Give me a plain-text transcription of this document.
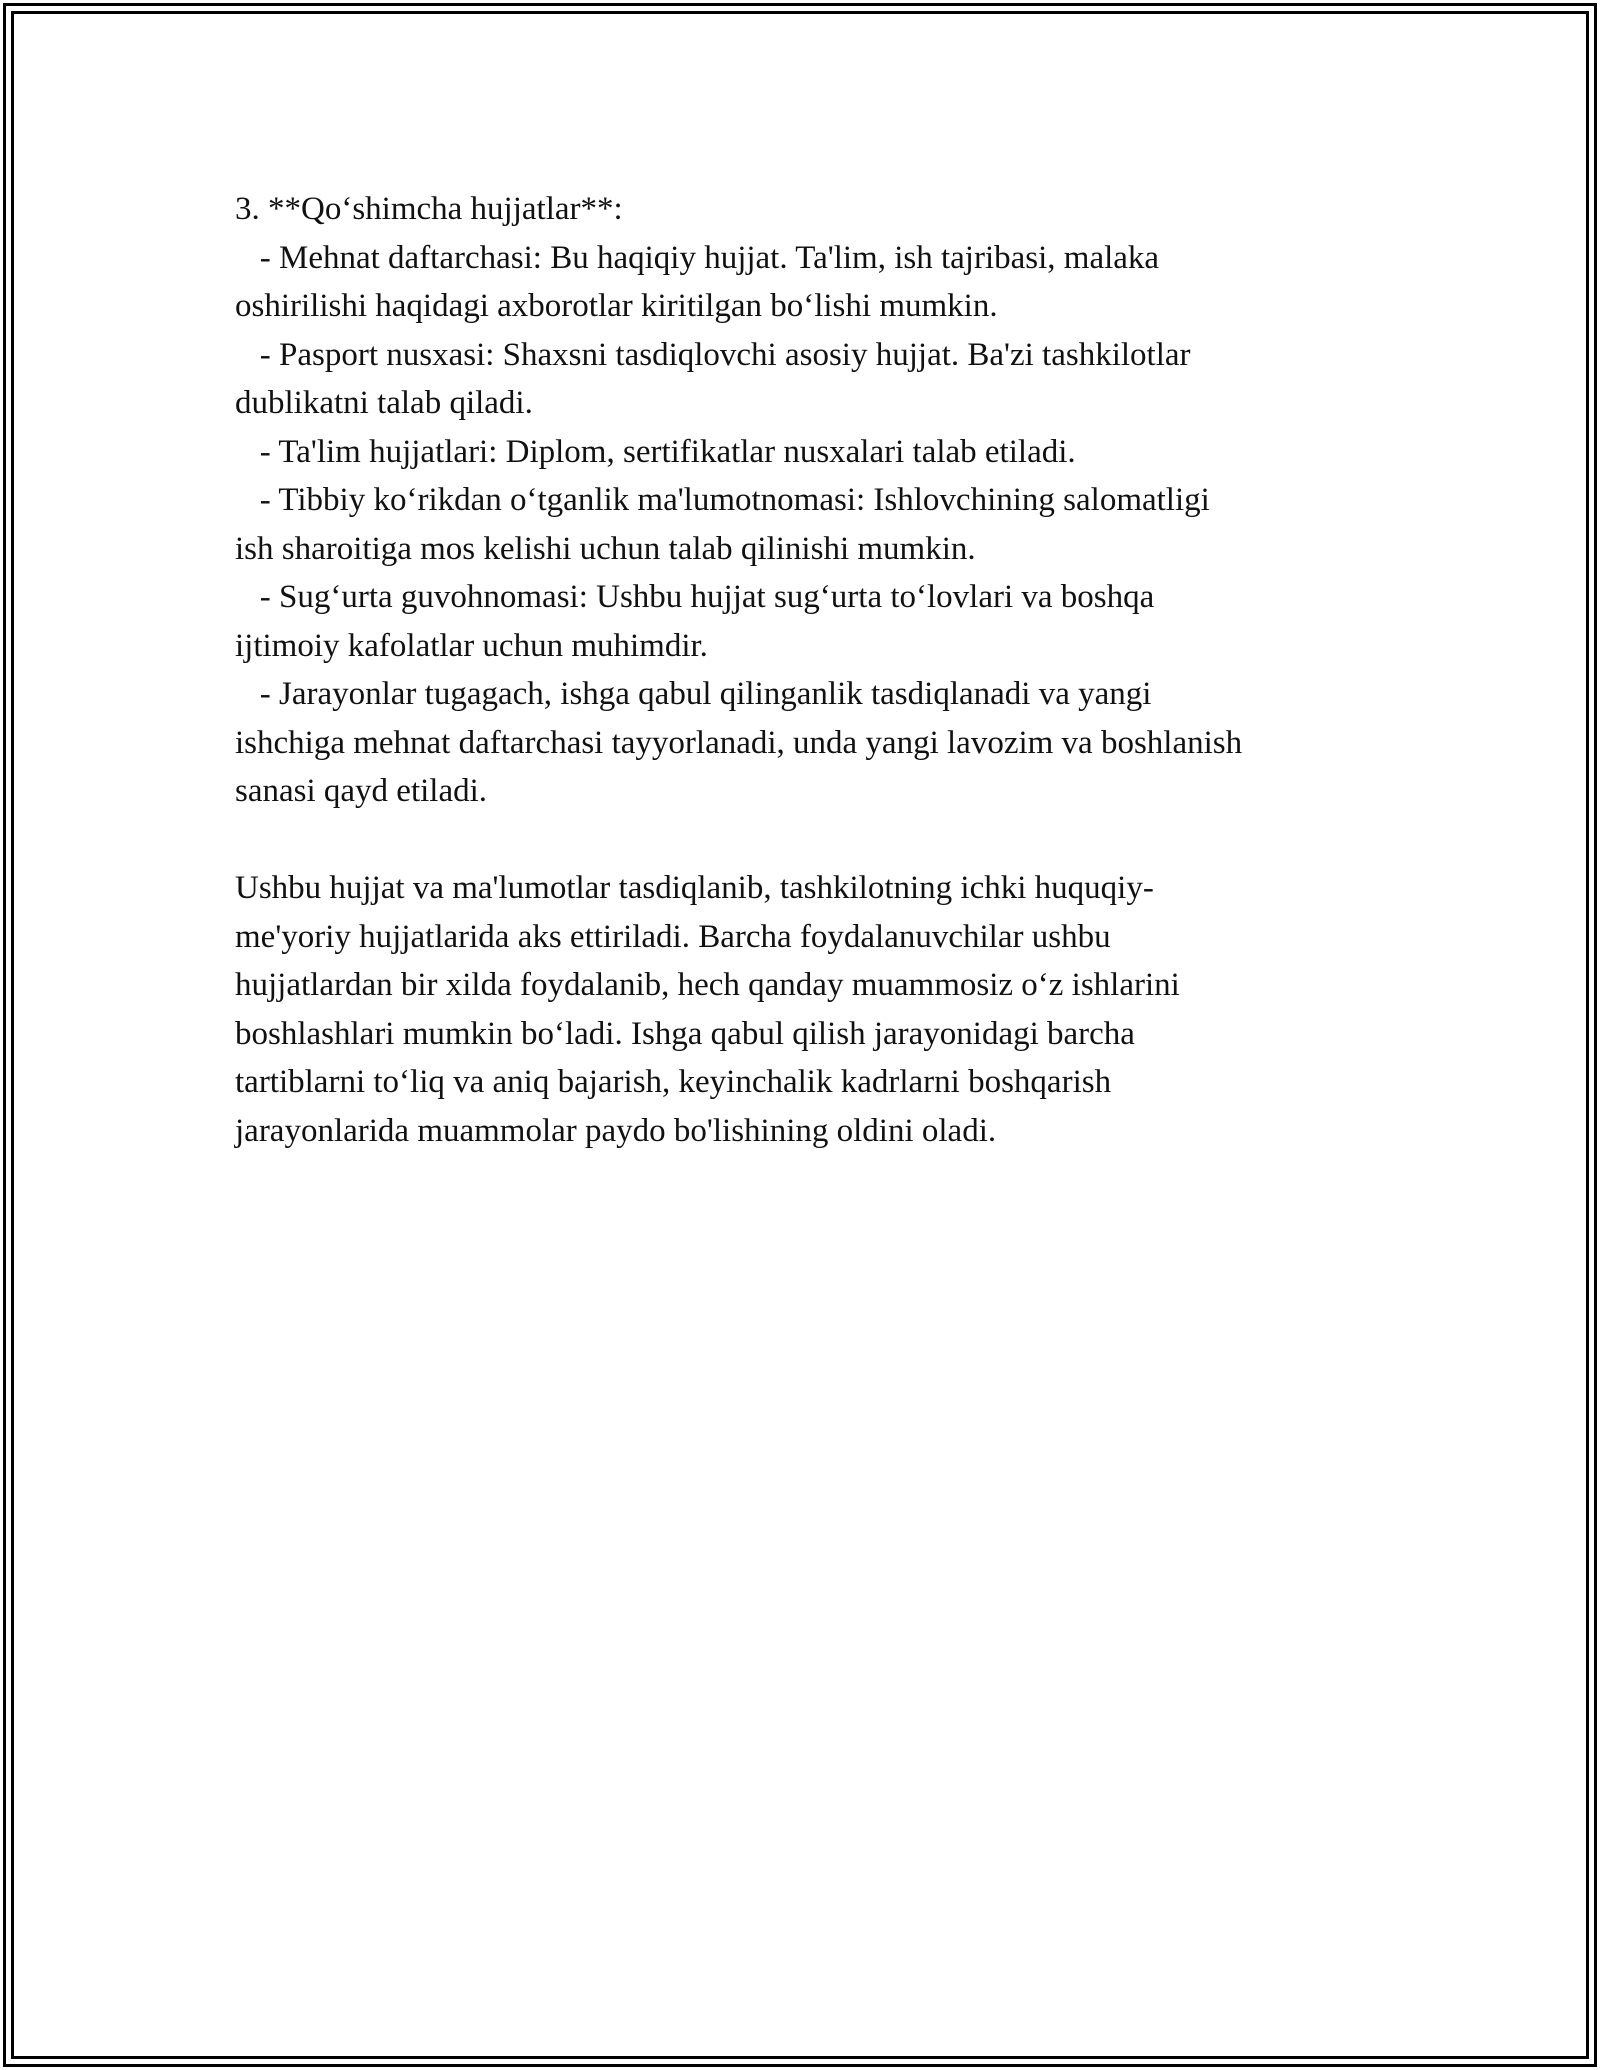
3. **Qo‘shimcha hujjatlar**:
- Mehnat daftarchasi: Bu haqiqiy hujjat. Ta'lim, ish tajribasi, malaka
oshirilishi haqidagi axborotlar kiritilgan bo‘lishi mumkin.
- Pasport nusxasi: Shaxsni tasdiqlovchi asosiy hujjat. Ba'zi tashkilotlar
dublikatni talab qiladi.
- Ta'lim hujjatlari: Diplom, sertifikatlar nusxalari talab etiladi.
- Tibbiy ko‘rikdan o‘tganlik ma'lumotnomasi: Ishlovchining salomatligi
ish sharoitiga mos kelishi uchun talab qilinishi mumkin.
- Sug‘urta guvohnomasi: Ushbu hujjat sug‘urta to‘lovlari va boshqa
ijtimoiy kafolatlar uchun muhimdir.
- Jarayonlar tugagach, ishga qabul qilinganlik tasdiqlanadi va yangi
ishchiga mehnat daftarchasi tayyorlanadi, unda yangi lavozim va boshlanish
sanasi qayd etiladi.
Ushbu hujjat va ma'lumotlar tasdiqlanib, tashkilotning ichki huquqiy-
me'yoriy hujjatlarida aks ettiriladi. Barcha foydalanuvchilar ushbu
hujjatlardan bir xilda foydalanib, hech qanday muammosiz o‘z ishlarini
boshlashlari mumkin bo‘ladi. Ishga qabul qilish jarayonidagi barcha
tartiblarni to‘liq va aniq bajarish, keyinchalik kadrlarni boshqarish
jarayonlarida muammolar paydo bo'lishining oldini oladi.
